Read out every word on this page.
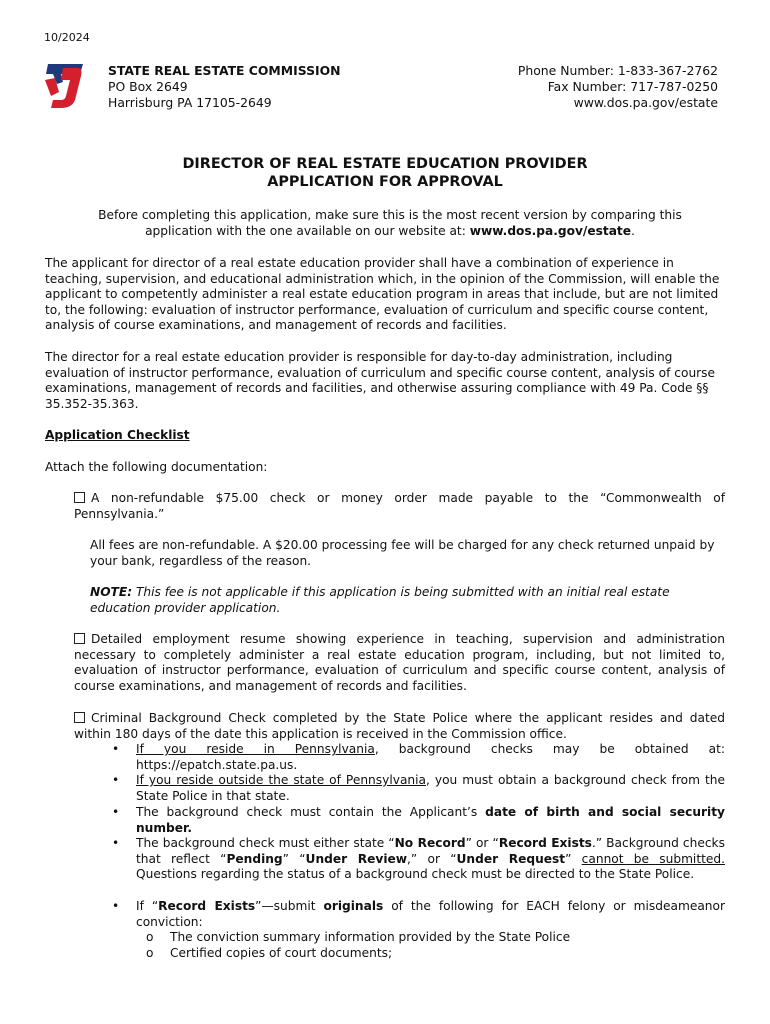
10/2024
STATE REAL ESTATE COMMISSION
PO Box 2649
Harrisburg PA 17105-2649
Phone Number: 1-833-367-2762
Fax Number: 717-787-0250
www.dos.pa.gov/estate
DIRECTOR OF REAL ESTATE EDUCATION PROVIDER
APPLICATION FOR APPROVAL
Before completing this application, make sure this is the most recent version by comparing this application with the one available on our website at: www.dos.pa.gov/estate.
The applicant for director of a real estate education provider shall have a combination of experience in teaching, supervision, and educational administration which, in the opinion of the Commission, will enable the applicant to competently administer a real estate education program in areas that include, but are not limited to, the following: evaluation of instructor performance, evaluation of curriculum and specific course content, analysis of course examinations, and management of records and facilities.
The director for a real estate education provider is responsible for day-to-day administration, including evaluation of instructor performance, evaluation of curriculum and specific course content, analysis of course examinations, management of records and facilities, and otherwise assuring compliance with 49 Pa. Code §§ 35.352-35.363.
Application Checklist
Attach the following documentation:
A non-refundable $75.00 check or money order made payable to the “Commonwealth of Pennsylvania.”
All fees are non-refundable. A $20.00 processing fee will be charged for any check returned unpaid by your bank, regardless of the reason.
NOTE: This fee is not applicable if this application is being submitted with an initial real estate education provider application.
Detailed employment resume showing experience in teaching, supervision and administration necessary to completely administer a real estate education program, including, but not limited to, evaluation of instructor performance, evaluation of curriculum and specific course content, analysis of course examinations, and management of records and facilities.
Criminal Background Check completed by the State Police where the applicant resides and dated within 180 days of the date this application is received in the Commission office.
• If you reside in Pennsylvania, background checks may be obtained at: https://epatch.state.pa.us.
• If you reside outside the state of Pennsylvania, you must obtain a background check from the State Police in that state.
• The background check must contain the Applicant’s date of birth and social security number.
• The background check must either state “No Record” or “Record Exists.” Background checks that reflect “Pending” “Under Review,” or “Under Request” cannot be submitted. Questions regarding the status of a background check must be directed to the State Police.
• If “Record Exists”—submit originals of the following for EACH felony or misdeameanor conviction:
o The conviction summary information provided by the State Police
o Certified copies of court documents;
